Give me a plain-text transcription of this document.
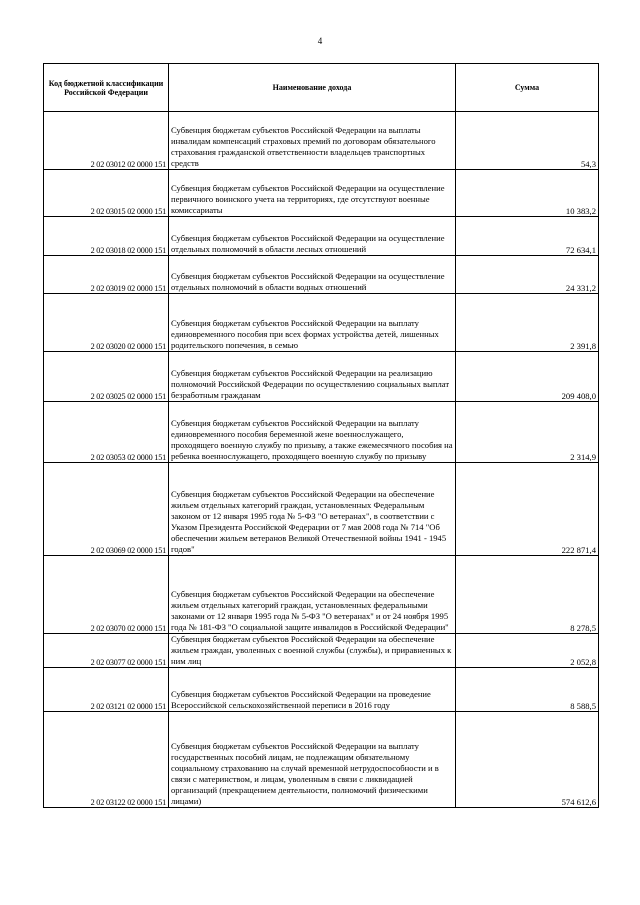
4
Код бюджетной классификации Российской Федерации	Наименование дохода	Сумма
2 02 03012 02 0000 151	Субвенция бюджетам субъектов Российской Федерации на выплаты инвалидам компенсаций страховых премий по договорам обязательного страхования гражданской ответственности владельцев транспортных средств	54,3
2 02 03015 02 0000 151	Субвенция бюджетам субъектов Российской Федерации на осуществление первичного воинского учета на территориях, где отсутствуют военные комиссариаты	10 383,2
2 02 03018 02 0000 151	Субвенция бюджетам субъектов Российской Федерации на осуществление отдельных полномочий в области лесных отношений	72 634,1
2 02 03019 02 0000 151	Субвенция бюджетам субъектов Российской Федерации на осуществление отдельных полномочий в области водных отношений	24 331,2
2 02 03020 02 0000 151	Субвенция бюджетам субъектов Российской Федерации на выплату единовременного пособия при всех формах устройства детей, лишенных родительского попечения, в семью	2 391,8
2 02 03025 02 0000 151	Субвенция бюджетам субъектов Российской Федерации на реализацию полномочий Российской Федерации по осуществлению социальных выплат безработным гражданам	209 408,0
2 02 03053 02 0000 151	Субвенция бюджетам субъектов Российской Федерации на выплату единовременного пособия беременной жене военнослужащего, проходящего военную службу по призыву, а также ежемесячного пособия на ребенка военнослужащего, проходящего военную службу по призыву	2 314,9
2 02 03069 02 0000 151	Субвенция бюджетам субъектов Российской Федерации на обеспечение жильем отдельных категорий граждан, установленных Федеральным законом от 12 января 1995 года № 5-ФЗ "О ветеранах", в соответствии с Указом Президента Российской Федерации от 7 мая 2008 года № 714 "Об обеспечении жильем ветеранов Великой Отечественной войны 1941 - 1945 годов"	222 871,4
2 02 03070 02 0000 151	Субвенция бюджетам субъектов Российской Федерации на обеспечение жильем отдельных категорий граждан, установленных федеральными законами от 12 января 1995 года № 5-ФЗ "О ветеранах" и от 24 ноября 1995 года № 181-ФЗ "О социальной защите инвалидов в Российской Федерации"	8 278,5
2 02 03077 02 0000 151	Субвенция бюджетам субъектов Российской Федерации на обеспечение жильем граждан, уволенных с военной службы (службы), и приравненных к ним лиц	2 052,8
2 02 03121 02 0000 151	Субвенция бюджетам субъектов Российской Федерации на проведение Всероссийской сельскохозяйственной переписи в 2016 году	8 588,5
2 02 03122 02 0000 151	Субвенция бюджетам субъектов Российской Федерации на выплату государственных пособий лицам, не подлежащим обязательному социальному страхованию на случай временной нетрудоспособности и в связи с материнством, и лицам, уволенным в связи с ликвидацией организаций (прекращением деятельности, полномочий физическими лицами)	574 612,6
